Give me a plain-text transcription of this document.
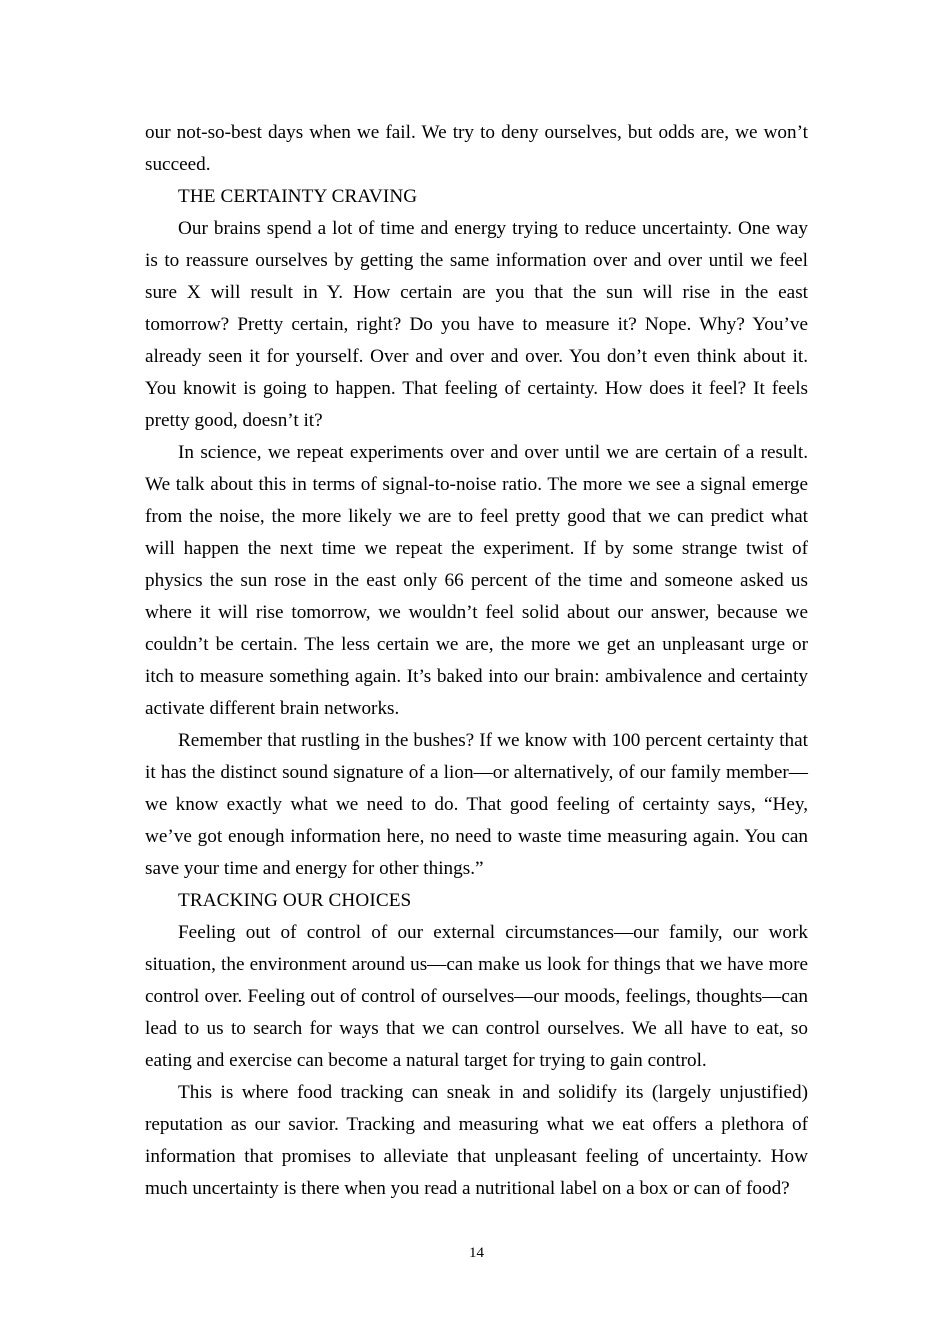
our not-so-best days when we fail. We try to deny ourselves, but odds are, we won’t succeed.

THE CERTAINTY CRAVING

Our brains spend a lot of time and energy trying to reduce uncertainty. One way is to reassure ourselves by getting the same information over and over until we feel sure X will result in Y. How certain are you that the sun will rise in the east tomorrow? Pretty certain, right? Do you have to measure it? Nope. Why? You’ve already seen it for yourself. Over and over and over. You don’t even think about it. You knowit is going to happen. That feeling of certainty. How does it feel? It feels pretty good, doesn’t it?

In science, we repeat experiments over and over until we are certain of a result. We talk about this in terms of signal-to-noise ratio. The more we see a signal emerge from the noise, the more likely we are to feel pretty good that we can predict what will happen the next time we repeat the experiment. If by some strange twist of physics the sun rose in the east only 66 percent of the time and someone asked us where it will rise tomorrow, we wouldn’t feel solid about our answer, because we couldn’t be certain. The less certain we are, the more we get an unpleasant urge or itch to measure something again. It’s baked into our brain: ambivalence and certainty activate different brain networks.

Remember that rustling in the bushes? If we know with 100 percent certainty that it has the distinct sound signature of a lion—or alternatively, of our family member—we know exactly what we need to do. That good feeling of certainty says, “Hey, we’ve got enough information here, no need to waste time measuring again. You can save your time and energy for other things.”

TRACKING OUR CHOICES

Feeling out of control of our external circumstances—our family, our work situation, the environment around us—can make us look for things that we have more control over. Feeling out of control of ourselves—our moods, feelings, thoughts—can lead to us to search for ways that we can control ourselves. We all have to eat, so eating and exercise can become a natural target for trying to gain control.

This is where food tracking can sneak in and solidify its (largely unjustified) reputation as our savior. Tracking and measuring what we eat offers a plethora of information that promises to alleviate that unpleasant feeling of uncertainty. How much uncertainty is there when you read a nutritional label on a box or can of food?

14
